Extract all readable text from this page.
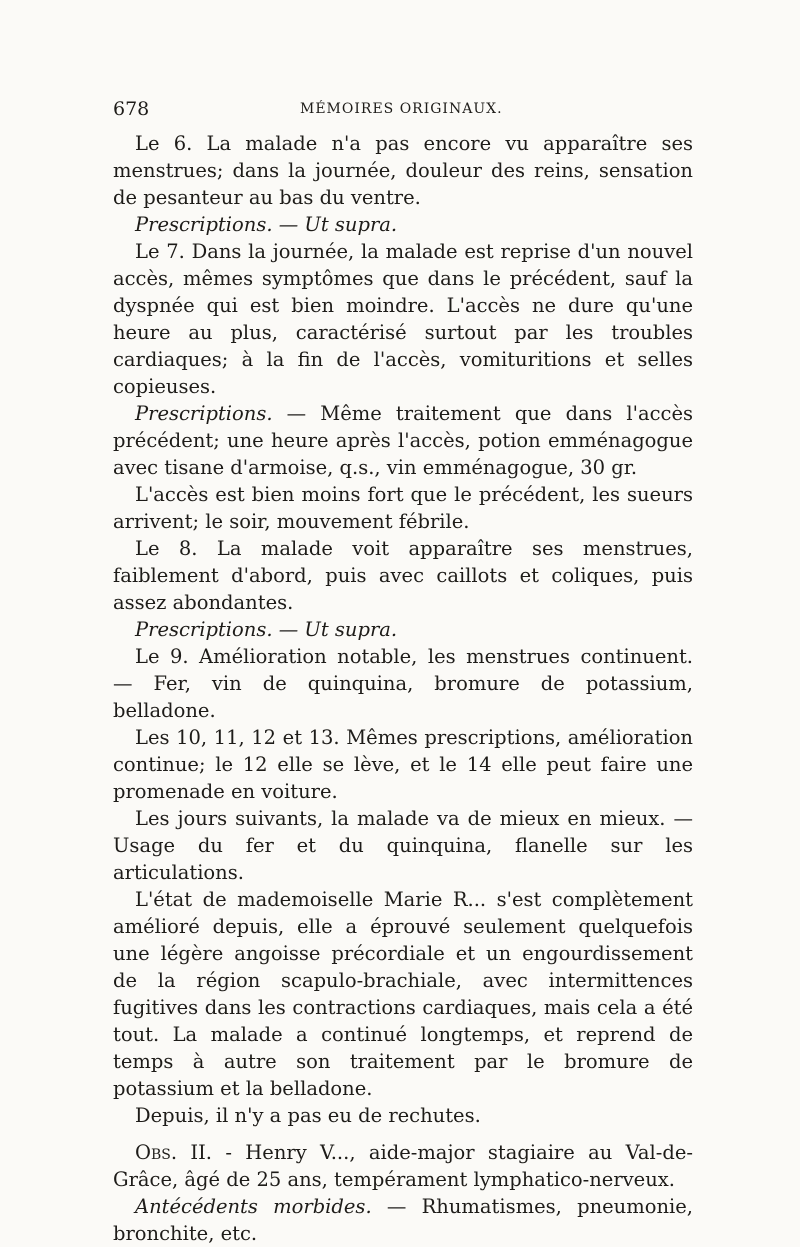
678	MÉMOIRES ORIGINAUX.

Le 6. La malade n'a pas encore vu apparaître ses menstrues; dans la journée, douleur des reins, sensation de pesanteur au bas du ventre.

Prescriptions. — Ut supra.

Le 7. Dans la journée, la malade est reprise d'un nouvel accès, mêmes symptômes que dans le précédent, sauf la dyspnée qui est bien moindre. L'accès ne dure qu'une heure au plus, caractérisé surtout par les troubles cardiaques; à la fin de l'accès, vomituritions et selles copieuses.

Prescriptions. — Même traitement que dans l'accès précédent; une heure après l'accès, potion emménagogue avec tisane d'armoise, q.s., vin emménagogue, 30 gr.

L'accès est bien moins fort que le précédent, les sueurs arrivent; le soir, mouvement fébrile.

Le 8. La malade voit apparaître ses menstrues, faiblement d'abord, puis avec caillots et coliques, puis assez abondantes.

Prescriptions. — Ut supra.

Le 9. Amélioration notable, les menstrues continuent. — Fer, vin de quinquina, bromure de potassium, belladone.

Les 10, 11, 12 et 13. Mêmes prescriptions, amélioration continue; le 12 elle se lève, et le 14 elle peut faire une promenade en voiture.

Les jours suivants, la malade va de mieux en mieux. — Usage du fer et du quinquina, flanelle sur les articulations.

L'état de mademoiselle Marie R... s'est complètement amélioré depuis, elle a éprouvé seulement quelquefois une légère angoisse précordiale et un engourdissement de la région scapulo-brachiale, avec intermittences fugitives dans les contractions cardiaques, mais cela a été tout. La malade a continué longtemps, et reprend de temps à autre son traitement par le bromure de potassium et la belladone.

Depuis, il n'y a pas eu de rechutes.

Obs. II. - Henry V..., aide-major stagiaire au Val-de-Grâce, âgé de 25 ans, tempérament lymphatico-nerveux.

Antécédents morbides. — Rhumatismes, pneumonie, bronchite, etc.
